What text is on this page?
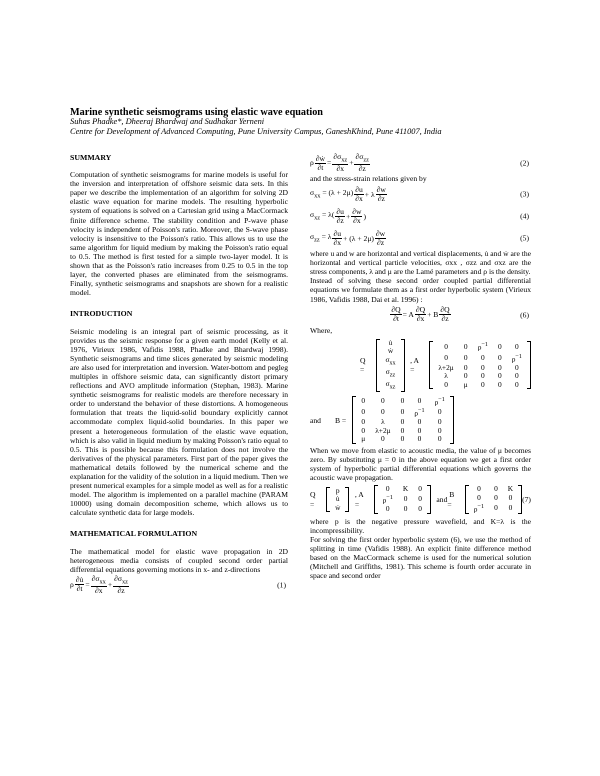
Marine synthetic seismograms using elastic wave equation
Suhas Phadke*, Dheeraj Bhardwaj and Sudhakar Yerneni
Centre for Development of Advanced Computing, Pune University Campus, GaneshKhind, Pune 411007, India
SUMMARY
Computation of synthetic seismograms for marine models is useful for the inversion and interpretation of offshore seismic data sets. In this paper we describe the implementation of an algorithm for solving 2D elastic wave equation for marine models. The resulting hyperbolic system of equations is solved on a Cartesian grid using a MacCormack finite difference scheme. The stability condition and P-wave phase velocity is independent of Poisson's ratio. Moreover, the S-wave phase velocity is insensitive to the Poisson's ratio. This allows us to use the same algorithm for liquid medium by making the Poisson's ratio equal to 0.5. The method is first tested for a simple two-layer model. It is shown that as the Poisson's ratio increases from 0.25 to 0.5 in the top layer, the converted phases are eliminated from the seismograms. Finally, synthetic seismograms and snapshots are shown for a realistic model.
INTRODUCTION
Seismic modeling is an integral part of seismic processing, as it provides us the seismic response for a given earth model (Kelly et al. 1976, Virieux 1986, Vafidis 1988, Phadke and Bhardwaj 1998). Synthetic seismograms and time slices generated by seismic modeling are also used for interpretation and inversion. Water-bottom and pegleg multiples in offshore seismic data, can significantly distort primary reflections and AVO amplitude information (Stephan, 1983). Marine synthetic seismograms for realistic models are therefore necessary in order to understand the behavior of these distortions. A homogeneous formulation that treats the liquid-solid boundary explicitly cannot accommodate complex liquid-solid boundaries. In this paper we present a heterogeneous formulation of the elastic wave equation, which is also valid in liquid medium by making Poisson's ratio equal to 0.5. This is possible because this formulation does not involve the derivatives of the physical parameters. First part of the paper gives the mathematical details followed by the numerical scheme and the explanation for the validity of the solution in a liquid medium. Then we present numerical examples for a simple model as well as for a realistic model. The algorithm is implemented on a parallel machine (PARAM 10000) using domain decomposition scheme, which allows us to calculate synthetic data for large models.
MATHEMATICAL FORMULATION
The mathematical model for elastic wave propagation in 2D heterogeneous media consists of coupled second order partial differential equations governing motions in x- and z-directions
ρ $\frac{\partial u̇}{\partial t} = \frac{\partial\sigma_{xx}}{\partial x} + \frac{\partial\sigma_{xz}}{\partial z}$	(1)
ρ $\frac{\text{∂ẇ}}{\partial t} = \frac{\partial\sigma_{xz}}{\partial x} + \frac{\partial\sigma_{zz}}{\partial z}$	(2)
and the stress-strain relations given by
$\sigma_{xx} = (\lambda + 2\mu) \frac{\partial u}{\partial x} + \lambda \frac{\partial w}{\partial z}$	(3)
$\sigma_{xz} = \lambda( \frac{\partial u}{\partial z} + \frac{\partial w}{\partial x}$ )	(4)
$\sigma_{zz} = \lambda \frac{\partial u}{\partial x} + (\lambda + 2\mu) \frac{\partial w}{\partial z}$	(5)
where u and w are horizontal and vertical displacements, u̇ and ẇ are the horizontal and vertical particle velocities, σxx , σzz and σxz are the stress components, λ and μ are the Lamé parameters and ρ is the density.
Instead of solving these second order coupled partial differential equations we formulate them as a first order hyperbolic system (Virieux 1986, Vafidis 1988, Dai et al. 1996) :
$\frac{\partial Q}{\partial t} = A \frac{\partial Q}{\partial x} + B \frac{\partial Q}{\partial z}$	(6)
Where,
Q =
u̇
ẇ
$\sigma_{xx}$
$\sigma_{zz}$
$\sigma_{xz}$
, A =
0	0	$\rho^{-1}$	0	0
0	0	0	0	$\rho^{-1}$
λ+2μ	0	0	0	0
λ	0	0	0	0
0	μ	0	0	0
and B =
0	0	0	0	$\rho^{-1}$
0	0	0	$\rho^{-1}$	0
0	λ	0	0	0
0	λ+2μ	0	0	0
μ	0	0	0	0
When we move from elastic to acoustic media, the value of μ becomes zero. By substituting μ = 0 in the above equation we get a first order system of hyperbolic partial differential equations which governs the acoustic wave propagation.
Q =
p
u̇
ẇ
, A =
0	K	0
$\rho^{-1}$	0	0
0	0	0
and
B =
0	0	K
0	0	0
$\rho^{-1}$	0	0
(7)
where p is the negative pressure wavefield, and K=λ is the incompressibility.
For solving the first order hyperbolic system (6), we use the method of splitting in time (Vafidis 1988). An explicit finite difference method based on the MacCormack scheme is used for the numerical solution (Mitchell and Griffiths, 1981). This scheme is fourth order accurate in space and second order
